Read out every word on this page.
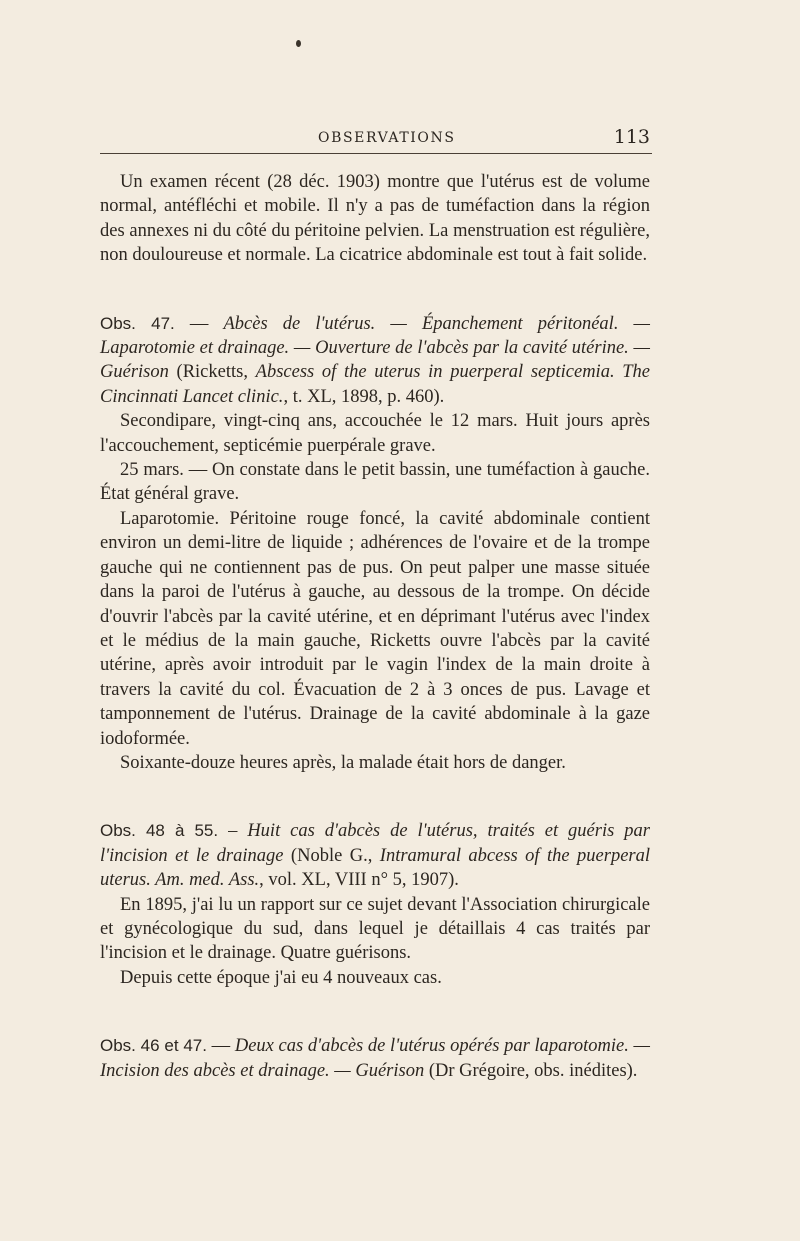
OBSERVATIONS	113

Un examen récent (28 déc. 1903) montre que l'utérus est de volume normal, antéfléchi et mobile. Il n'y a pas de tuméfaction dans la région des annexes ni du côté du péritoine pelvien. La menstruation est régulière, non douloureuse et normale. La cicatrice abdominale est tout à fait solide.

Obs. 47. — Abcès de l'utérus. — Épanchement péritonéal. — Laparotomie et drainage. — Ouverture de l'abcès par la cavité utérine. — Guérison (Ricketts, Abscess of the uterus in puerperal septicemia. The Cincinnati Lancet clinic., t. XL, 1898, p. 460).

Secondipare, vingt-cinq ans, accouchée le 12 mars. Huit jours après l'accouchement, septicémie puerpérale grave.

25 mars. — On constate dans le petit bassin, une tuméfaction à gauche. État général grave.

Laparotomie. Péritoine rouge foncé, la cavité abdominale contient environ un demi-litre de liquide ; adhérences de l'ovaire et de la trompe gauche qui ne contiennent pas de pus. On peut palper une masse située dans la paroi de l'utérus à gauche, au dessous de la trompe. On décide d'ouvrir l'abcès par la cavité utérine, et en déprimant l'utérus avec l'index et le médius de la main gauche, Ricketts ouvre l'abcès par la cavité utérine, après avoir introduit par le vagin l'index de la main droite à travers la cavité du col. Évacuation de 2 à 3 onces de pus. Lavage et tamponnement de l'utérus. Drainage de la cavité abdominale à la gaze iodoformée.

Soixante-douze heures après, la malade était hors de danger.

Obs. 48 à 55. – Huit cas d'abcès de l'utérus, traités et guéris par l'incision et le drainage (Noble G., Intramural abcess of the puerperal uterus. Am. med. Ass., vol. XL, VIII n° 5, 1907).

En 1895, j'ai lu un rapport sur ce sujet devant l'Association chirurgicale et gynécologique du sud, dans lequel je détaillais 4 cas traités par l'incision et le drainage. Quatre guérisons.

Depuis cette époque j'ai eu 4 nouveaux cas.

Obs. 46 et 47. — Deux cas d'abcès de l'utérus opérés par laparotomie. — Incision des abcès et drainage. — Guérison (Dr Grégoire, obs. inédites).
